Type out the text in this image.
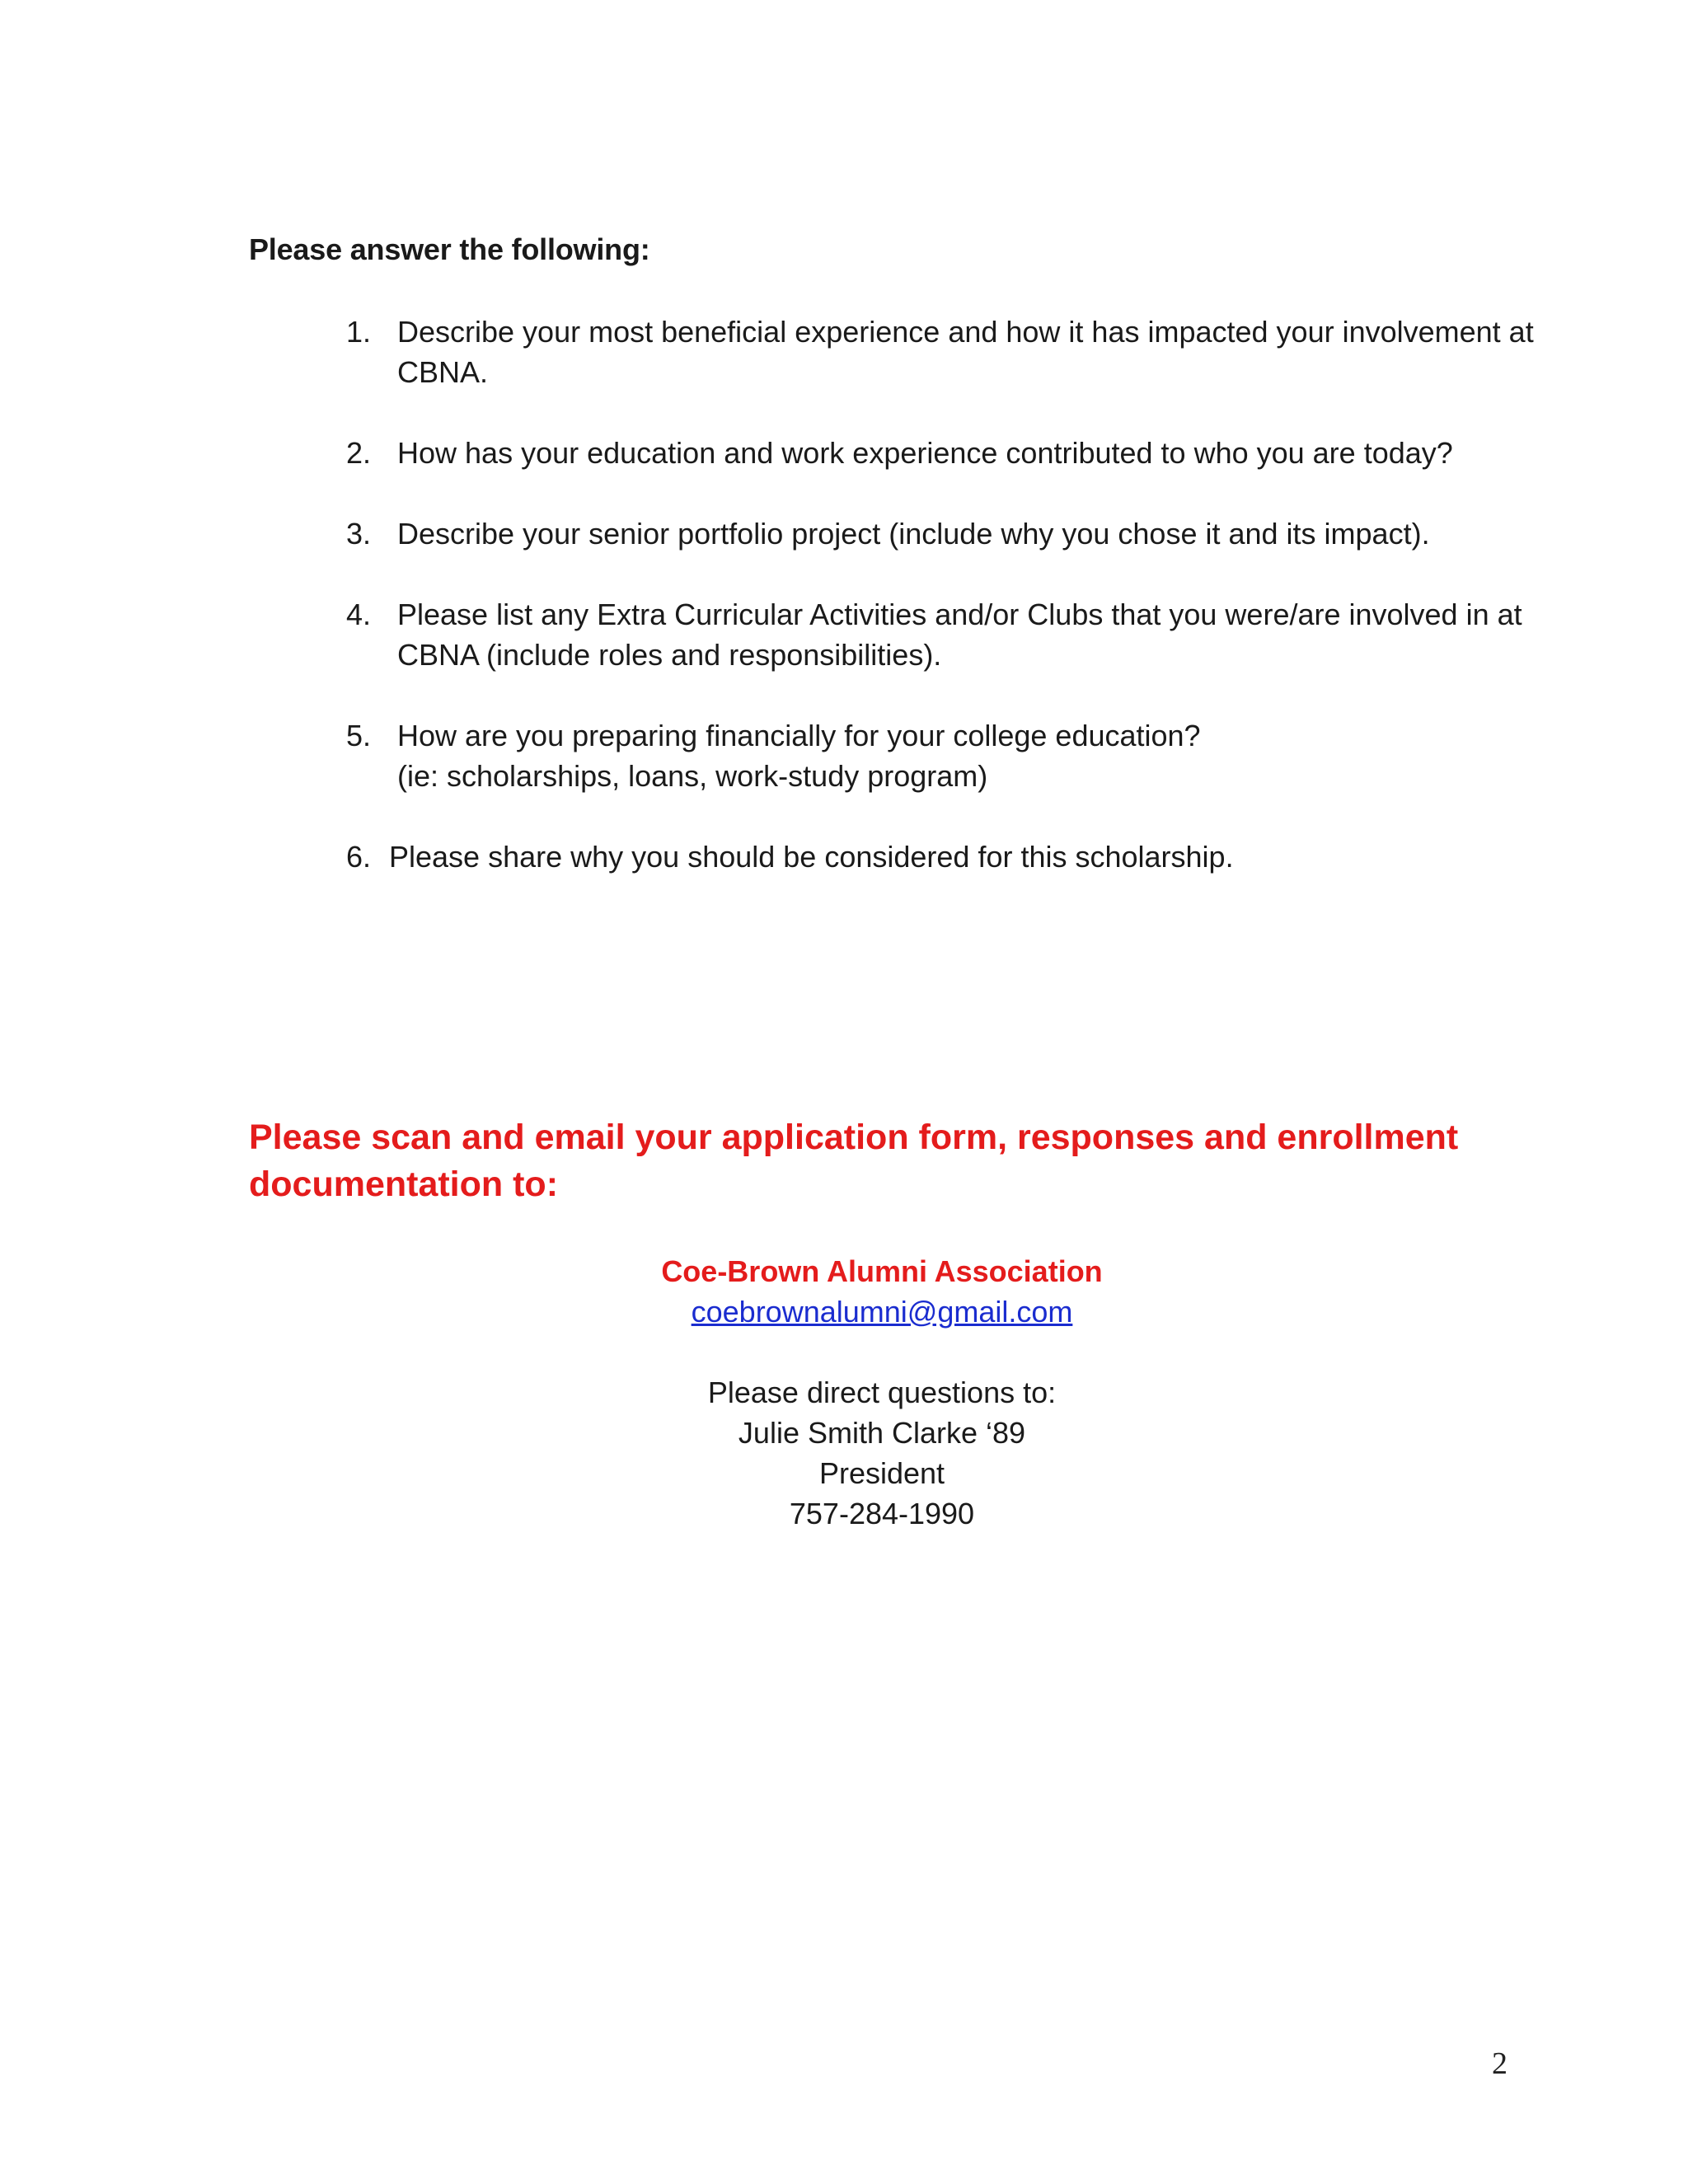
Please answer the following:

1. Describe your most beneficial experience and how it has impacted your involvement at CBNA.
2. How has your education and work experience contributed to who you are today?
3. Describe your senior portfolio project (include why you chose it and its impact).
4. Please list any Extra Curricular Activities and/or Clubs that you were/are involved in at CBNA (include roles and responsibilities).
5. How are you preparing financially for your college education?
(ie: scholarships, loans, work-study program)
6. Please share why you should be considered for this scholarship.

Please scan and email your application form, responses and enrollment documentation to:

Coe-Brown Alumni Association
coebrownalumni@gmail.com
Please direct questions to:
Julie Smith Clarke ‘89
President
757-284-1990
2
